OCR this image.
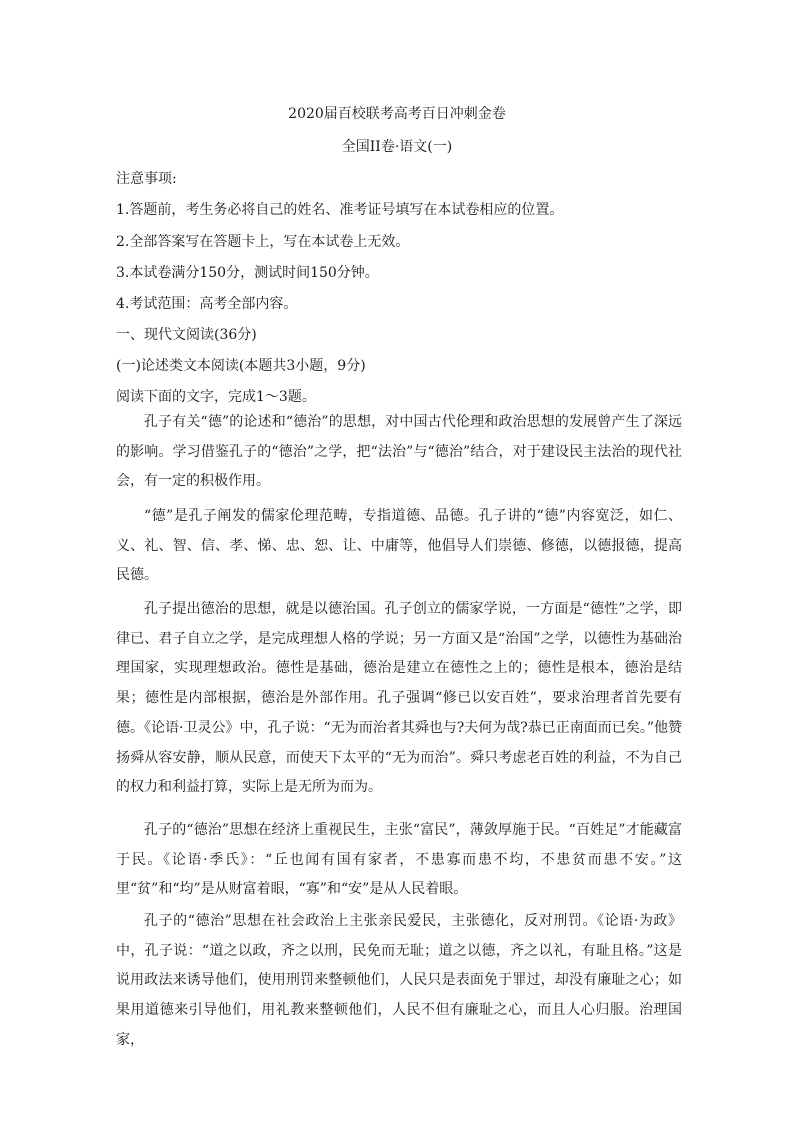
2020届百校联考高考百日冲刺金卷
全国II卷·语文(一)
注意事项:
1.答题前，考生务必将自己的姓名、准考证号填写在本试卷相应的位置。
2.全部答案写在答题卡上，写在本试卷上无效。
3.本试卷满分150分，测试时间150分钟。
4.考试范围：高考全部内容。
一、现代文阅读(36分)
(一)论述类文本阅读(本题共3小题，9分)
阅读下面的文字，完成1～3题。

孔子有关“德”的论述和“德治”的思想，对中国古代伦理和政治思想的发展曾产生了深远的影响。学习借鉴孔子的“德治”之学，把“法治”与“德治”结合，对于建设民主法治的现代社会，有一定的积极作用。

“德”是孔子阐发的儒家伦理范畴，专指道德、品德。孔子讲的“德”内容宽泛，如仁、义、礼、智、信、孝、悌、忠、恕、让、中庸等，他倡导人们崇德、修德，以德报德，提高民德。

孔子提出德治的思想，就是以德治国。孔子创立的儒家学说，一方面是“德性”之学，即律已、君子自立之学，是完成理想人格的学说；另一方面又是“治国”之学，以德性为基础治理国家，实现理想政治。德性是基础，德治是建立在德性之上的；德性是根本，德治是结果；德性是内部根据，德治是外部作用。孔子强调“修已以安百姓”，要求治理者首先要有德。《论语·卫灵公》中，孔子说：“无为而治者其舜也与?夫何为哉?恭已正南面而已矣。”他赞扬舜从容安静，顺从民意，而使天下太平的“无为而治”。舜只考虑老百姓的利益，不为自己的权力和利益打算，实际上是无所为而为。

孔子的“德治”思想在经济上重视民生，主张“富民”，薄敛厚施于民。“百姓足”才能藏富于民。《论语·季氏》：“丘也闻有国有家者，不患寡而患不均，不患贫而患不安。”这里“贫”和“均”是从财富着眼，“寡”和“安”是从人民着眼。

孔子的“德治”思想在社会政治上主张亲民爱民，主张德化，反对刑罚。《论语·为政》中，孔子说：“道之以政，齐之以刑，民免而无耻；道之以德，齐之以礼，有耻且格。”这是说用政法来诱导他们，使用刑罚来整顿他们，人民只是表面免于罪过，却没有廉耻之心；如果用道德来引导他们，用礼教来整顿他们，人民不但有廉耻之心，而且人心归服。治理国家，
